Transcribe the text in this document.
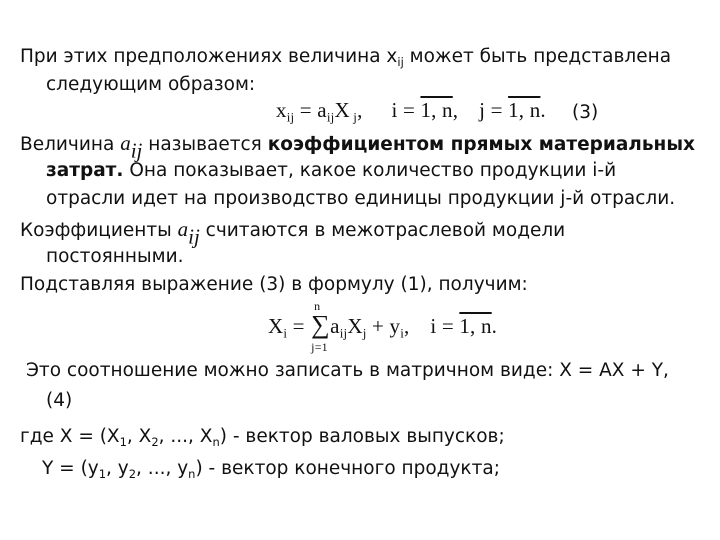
При этих предположениях величина $x_{ij}$ может быть представлена
следующим образом:
$x_{ij} = a_{ij}X$ $_j$, i = 1, n, j = 1, n. (3)
Величина $a_{ij}$ называется коэффициентом прямых материальных
затрат. Она показывает, какое количество продукции i-й
отрасли идет на производство единицы продукции j-й отрасли.
Коэффициенты $a_{ij}$ считаются в межотраслевой модели
постоянными.
Подставляя выражение (3) в формулу (1), получим:
$X_i$ =
n
∑
j=1
$a_{ij}X_j + y_i$, i = 1, n.
Это соотношение можно записать в матричном виде: X = AX + Y,
(4)
где $X = (X_1$, $X_2$, ..., $X_n$) - вектор валовых выпусков;
$Y = (y_1$, $y_2$, ..., $y_n$) - вектор конечного продукта;
